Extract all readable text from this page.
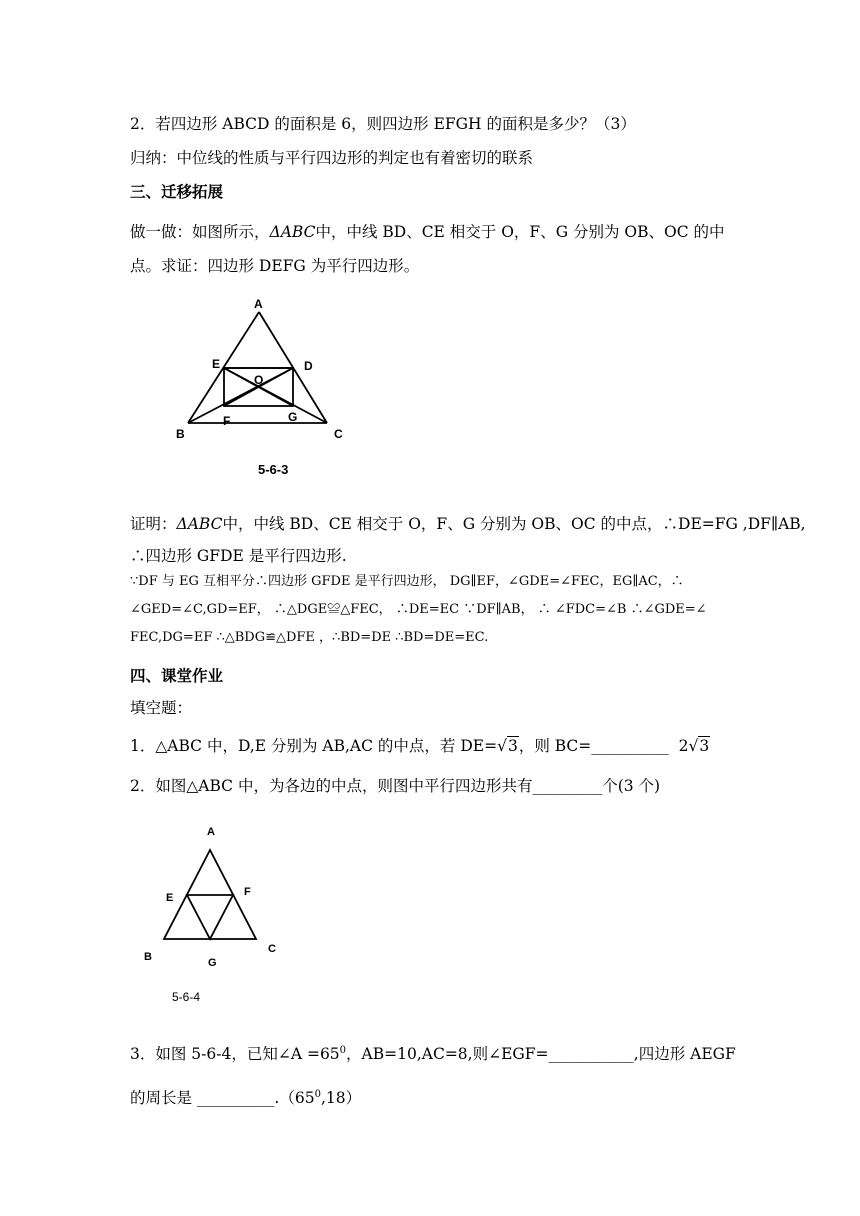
2．若四边形 ABCD 的面积是 6，则四边形 EFGH 的面积是多少？（3）
归纳：中位线的性质与平行四边形的判定也有着密切的联系
三、迁移拓展
做一做：如图所示，ΔABC中，中线 BD、CE 相交于 O，F、G 分别为 OB、OC 的中
点。求证：四边形 DEFG 为平行四边形。
A
E	D
O
F	G
B	C
5-6-3
证明：ΔABC中，中线 BD、CE 相交于 O，F、G 分别为 OB、OC 的中点，∴DE=FG ,DF∥AB,
∴四边形 GFDE 是平行四边形.
∵DF 与 EG 互相平分∴四边形 GFDE 是平行四边形， DG∥EF，∠GDE=∠FEC，EG∥AC，∴
∠GED=∠C,GD=EF， ∴△DGE≌△FEC， ∴DE=EC ∵DF∥AB， ∴ ∠FDC=∠B ∴∠GDE=∠
FEC,DG=EF ∴△BDG≌△DFE ，∴BD=DE ∴BD=DE=EC.
四、课堂作业
填空题：
1．△ABC 中，D,E 分别为 AB,AC 的中点，若 DE=√3，则 BC=__________ 2√3
2．如图△ABC 中，为各边的中点，则图中平行四边形共有_________个(3 个)
A
E	F
B	G
C
5-6-4
3．如图 5-6-4，已知∠A $=65^0$，AB=10,AC=8,则∠EGF=___________,四边形 AEGF
的周长是 $\_\_\_\_\_\_\_\_\_\_.(65^0,18)$
